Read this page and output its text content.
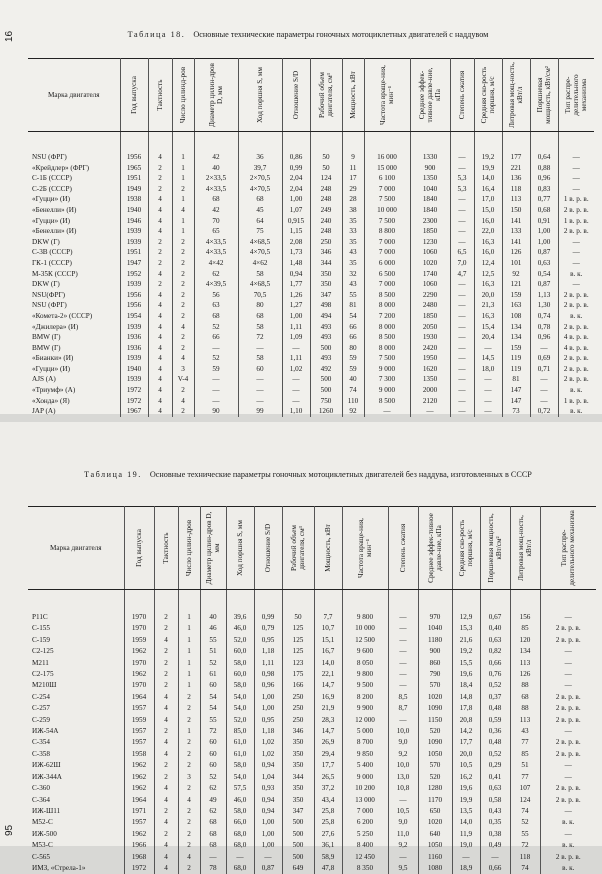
16	Таблица 18. Основные технические параметры гоночных мотоциклетных двигателей с наддувом
Марка двигателя	Год выпуска	Тактность	Число цилинд-ров	Диаметр цилин-дров D, мм	Ход поршня S, мм	Отношение S/D	Рабочий объем двигателя, см³	Мощность, кВт	Частота враще-ния, мин⁻¹	Среднее эффек-тивное давле-ние, кПа	Степень сжатия	Средняя ско-рость поршня, м/с	Литровая мощ-ность, кВт/л	Поршневая мощность, кВт/см²	Тип распре-делительного механизма

NSU (ФРГ)	1956	4	1	42	36	0,86	50	9	16 000	1330	—	19,2	177	0,64	—
«Крейдлер» (ФРГ)	1965	2	1	40	39,7	0,99	50	11	15 000	900	—	19,9	221	0,88	—
С-1Б (СССР)	1951	2	1	2×33,5	2×70,5	2,04	124	17	6 100	1350	5,3	14,0	136	0,96	—
С-2Б (СССР)	1949	2	2	4×33,5	4×70,5	2,04	248	29	7 000	1040	5,3	16,4	118	0,83	—
«Гуцци» (И)	1938	4	1	68	68	1,00	248	28	7 500	1840	—	17,0	113	0,77	1 в. р. в.
«Бенелли» (И)	1940	4	4	42	45	1,07	249	38	10 000	1840	—	15,0	150	0,68	2 в. р. в.
«Гуцци» (И)	1946	4	1	70	64	0,915	240	35	7 500	2300	—	16,0	141	0,91	1 в. р. в.
«Бенелли» (И)	1939	4	1	65	75	1,15	248	33	8 800	1850	—	22,0	133	1,00	2 в. р. в.
DKW (Г)	1939	2	2	4×33,5	4×68,5	2,08	250	35	7 000	1230	—	16,3	141	1,00	—
С-3В (СССР)	1951	2	2	4×33,5	4×70,5	1,73	346	43	7 000	1060	6,5	16,0	126	0,87	—
ГК-1 (СССР)	1947	2	2	4×42	4×62	1,48	344	35	6 000	1020	7,0	12,4	101	0,63	—
М-35К (СССР)	1952	4	2	62	58	0,94	350	32	6 500	1740	4,7	12,5	92	0,54	в. к.
DKW (Г)	1939	2	2	4×39,5	4×68,5	1,77	350	43	7 000	1060	—	16,3	121	0,87	—
NSU(ФРГ)	1956	4	2	56	70,5	1,26	347	55	8 500	2290	—	20,0	159	1,13	2 в. р. в.
NSU (ФРГ)	1956	4	2	63	80	1,27	498	81	8 000	2480	—	21,3	163	1,30	2 в. р. в.
«Комета-2» (СССР)	1954	4	2	68	68	1,00	494	54	7 200	1850	—	16,3	108	0,74	в. к.
«Джилера» (И)	1939	4	4	52	58	1,11	493	66	8 000	2050	—	15,4	134	0,78	2 в. р. в.
BMW (Г)	1936	4	2	66	72	1,09	493	66	8 500	1930	—	20,4	134	0,96	4 в. р. в.
BMW (Г)	1936	4	2	—	—	—	500	80	8 000	2420	—	—	159	—	4 в. р. в.
«Бианки» (И)	1939	4	4	52	58	1,11	493	59	7 500	1950	—	14,5	119	0,69	2 в. р. в.
«Гуцци» (И)	1940	4	3	59	60	1,02	492	59	9 000	1620	—	18,0	119	0,71	2 в. р. в.
AJS (A)	1939	4	V-4	—	—	—	500	40	7 300	1350	—	—	81	—	2 в. р. в.
«Триумф» (A)	1972	4	2	—	—	—	500	74	9 000	2000	—	—	147	—	в. к.
«Хонда» (Я)	1972	4	4	—	—	—	750	110	8 500	2120	—	—	147	—	1 в. р. в.
JAP (A)	1967	4	2	90	99	1,10	1260	92	—	—	—	—	73	0,72	в. к.
95
Таблица 19. Основные технические параметры гоночных мотоциклетных двигателей без наддува, изготовленных в СССР
Марка двигателя	Год выпуска	Тактность	Число цилин-дров	Диаметр цилин-дров D, мм	Ход поршня S, мм	Отношение S/D	Рабочий объем двигателя, см³	Мощность, кВт	Частота враще-ния, мин⁻¹	Степень сжатия	Среднее эффек-тивное давле-ние, кПа	Средняя ско-рость поршня, м/с	Поршневая мощность, кВт/см²	Литровая мощ-ность, кВт/л	Тип распре-делительного механизма

Р11С	1970	2	1	40	39,6	0,99	50	7,7	9 800	—	970	12,9	0,67	156	—
С-155	1970	2	1	46	46,0	0,79	125	10,7	10 000	—	1040	15,3	0,40	85	2 в. р. в.
С-159	1959	4	1	55	52,0	0,95	125	15,1	12 500	—	1180	21,6	0,63	120	2 в. р. в.
С2-125	1962	2	1	51	60,0	1,18	125	16,7	9 600	—	900	19,2	0,82	134	—
М211	1970	2	1	52	58,0	1,11	123	14,0	8 050	—	860	15,5	0,66	113	—
С2-175	1962	2	1	61	60,0	0,98	175	22,1	9 800	—	790	19,6	0,76	126	—
М210Ш	1970	2	1	60	58,0	0,96	166	14,7	9 500	—	570	18,4	0,52	88	—
С-254	1964	4	2	54	54,0	1,00	250	16,9	8 200	8,5	1020	14,8	0,37	68	2 в. р. в.
С-257	1957	4	2	54	54,0	1,00	250	21,9	9 900	8,7	1090	17,8	0,48	88	2 в. р. в.
С-259	1959	4	2	55	52,0	0,95	250	28,3	12 000	—	1150	20,8	0,59	113	2 в. р. в.
ИЖ-54А	1957	2	1	72	85,0	1,18	346	14,7	5 000	10,0	520	14,2	0,36	43	—
С-354	1957	4	2	60	61,0	1,02	350	26,9	8 700	9,0	1090	17,7	0,48	77	2 в. р. в.
С-358	1958	4	2	60	61,0	1,02	350	29,4	9 850	9,2	1050	20,0	0,52	85	2 в. р. в.
ИЖ-62Ш	1962	2	2	60	58,0	0,94	350	17,7	5 400	10,0	570	10,5	0,29	51	—
ИЖ-344А	1962	2	3	52	54,0	1,04	344	26,5	9 000	13,0	520	16,2	0,41	77	—
С-360	1962	4	2	62	57,5	0,93	350	37,2	10 200	10,8	1280	19,6	0,63	107	2 в. р. в.
С-364	1964	4	4	49	46,0	0,94	350	43,4	13 000	—	1170	19,9	0,58	124	2 в. р. в.
ИЖ-Ш11	1971	2	2	62	58,0	0,94	347	25,8	7 000	10,5	650	13,5	0,43	74	—
М52-С	1957	4	2	68	66,0	1,00	500	25,8	6 200	9,0	1020	14,0	0,35	52	в. к.
ИЖ-500	1962	2	2	68	68,0	1,00	500	27,6	5 250	11,0	640	11,9	0,38	55	—
М53-С	1966	4	2	68	68,0	1,00	500	36,1	8 400	9,2	1050	19,0	0,49	72	в. к.
С-565	1968	4	4	—	—	—	500	58,9	12 450	—	1160	—	—	118	2 в. р. в.
ИМЗ, «Стрела-1»	1972	4	2	78	68,0	0,87	649	47,8	8 350	9,5	1080	18,9	0,66	74	в. к.
